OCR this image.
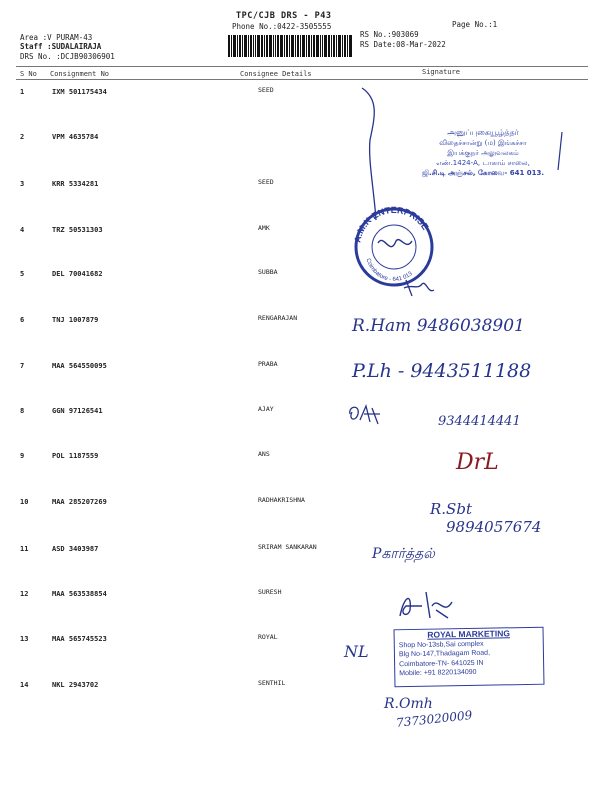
TPC/CJB DRS - P43
Phone No.:0422-3505555	Page No.:1
Area :V PURAM-43
Staff :SUDALAIRAJA
DRS No. :DCJB90306901
RS No.:903069
RS Date:08-Mar-2022
S No Consignment No	Consignee Details	Signature
1	IXM 501175434	SEED
2	VPM 4635784
3	KRR 5334281	SEED
4	TRZ 50531303	AMK
5	DEL 70041682	SUBBA
6	TNJ 1007879	RENGARAJAN
7	MAA 564550095	PRABA
8	GGN 97126541	AJAY
9	POL 1187559	ANS
10	MAA 285207269	RADHAKRISHNA
11	ASD 3403987	SRIRAM SANKARAN
12	MAA 563538854	SURESH
13	MAA 565745523	ROYAL
14	NKL 2943702	SENTHIL
அனுப்புகையூழ்த்தர்
விதைச்சான்று (ம) இங்கச்சா
இயக்குநர் அலுவலகம்
எண்.1424-A, டாகாம் சாலை,
ஜி.சி.டி அஞ்சல், கோவை- 641 013.
A.M.K ENTERPRISE
Coimbatore - 641 013
R.Ham 9486038901
P.Lh - 9443511188
9344414441
DrL
R.Sbt
9894057674
Pகார்த்தல்
ROYAL MARKETING
Shop No-13sb,Sai complex
Blg No-147,Thadagam Road,
Coimbatore-TN- 641025 IN
Mobile: +91 8220134090
NL
R.Omh
7373020009
